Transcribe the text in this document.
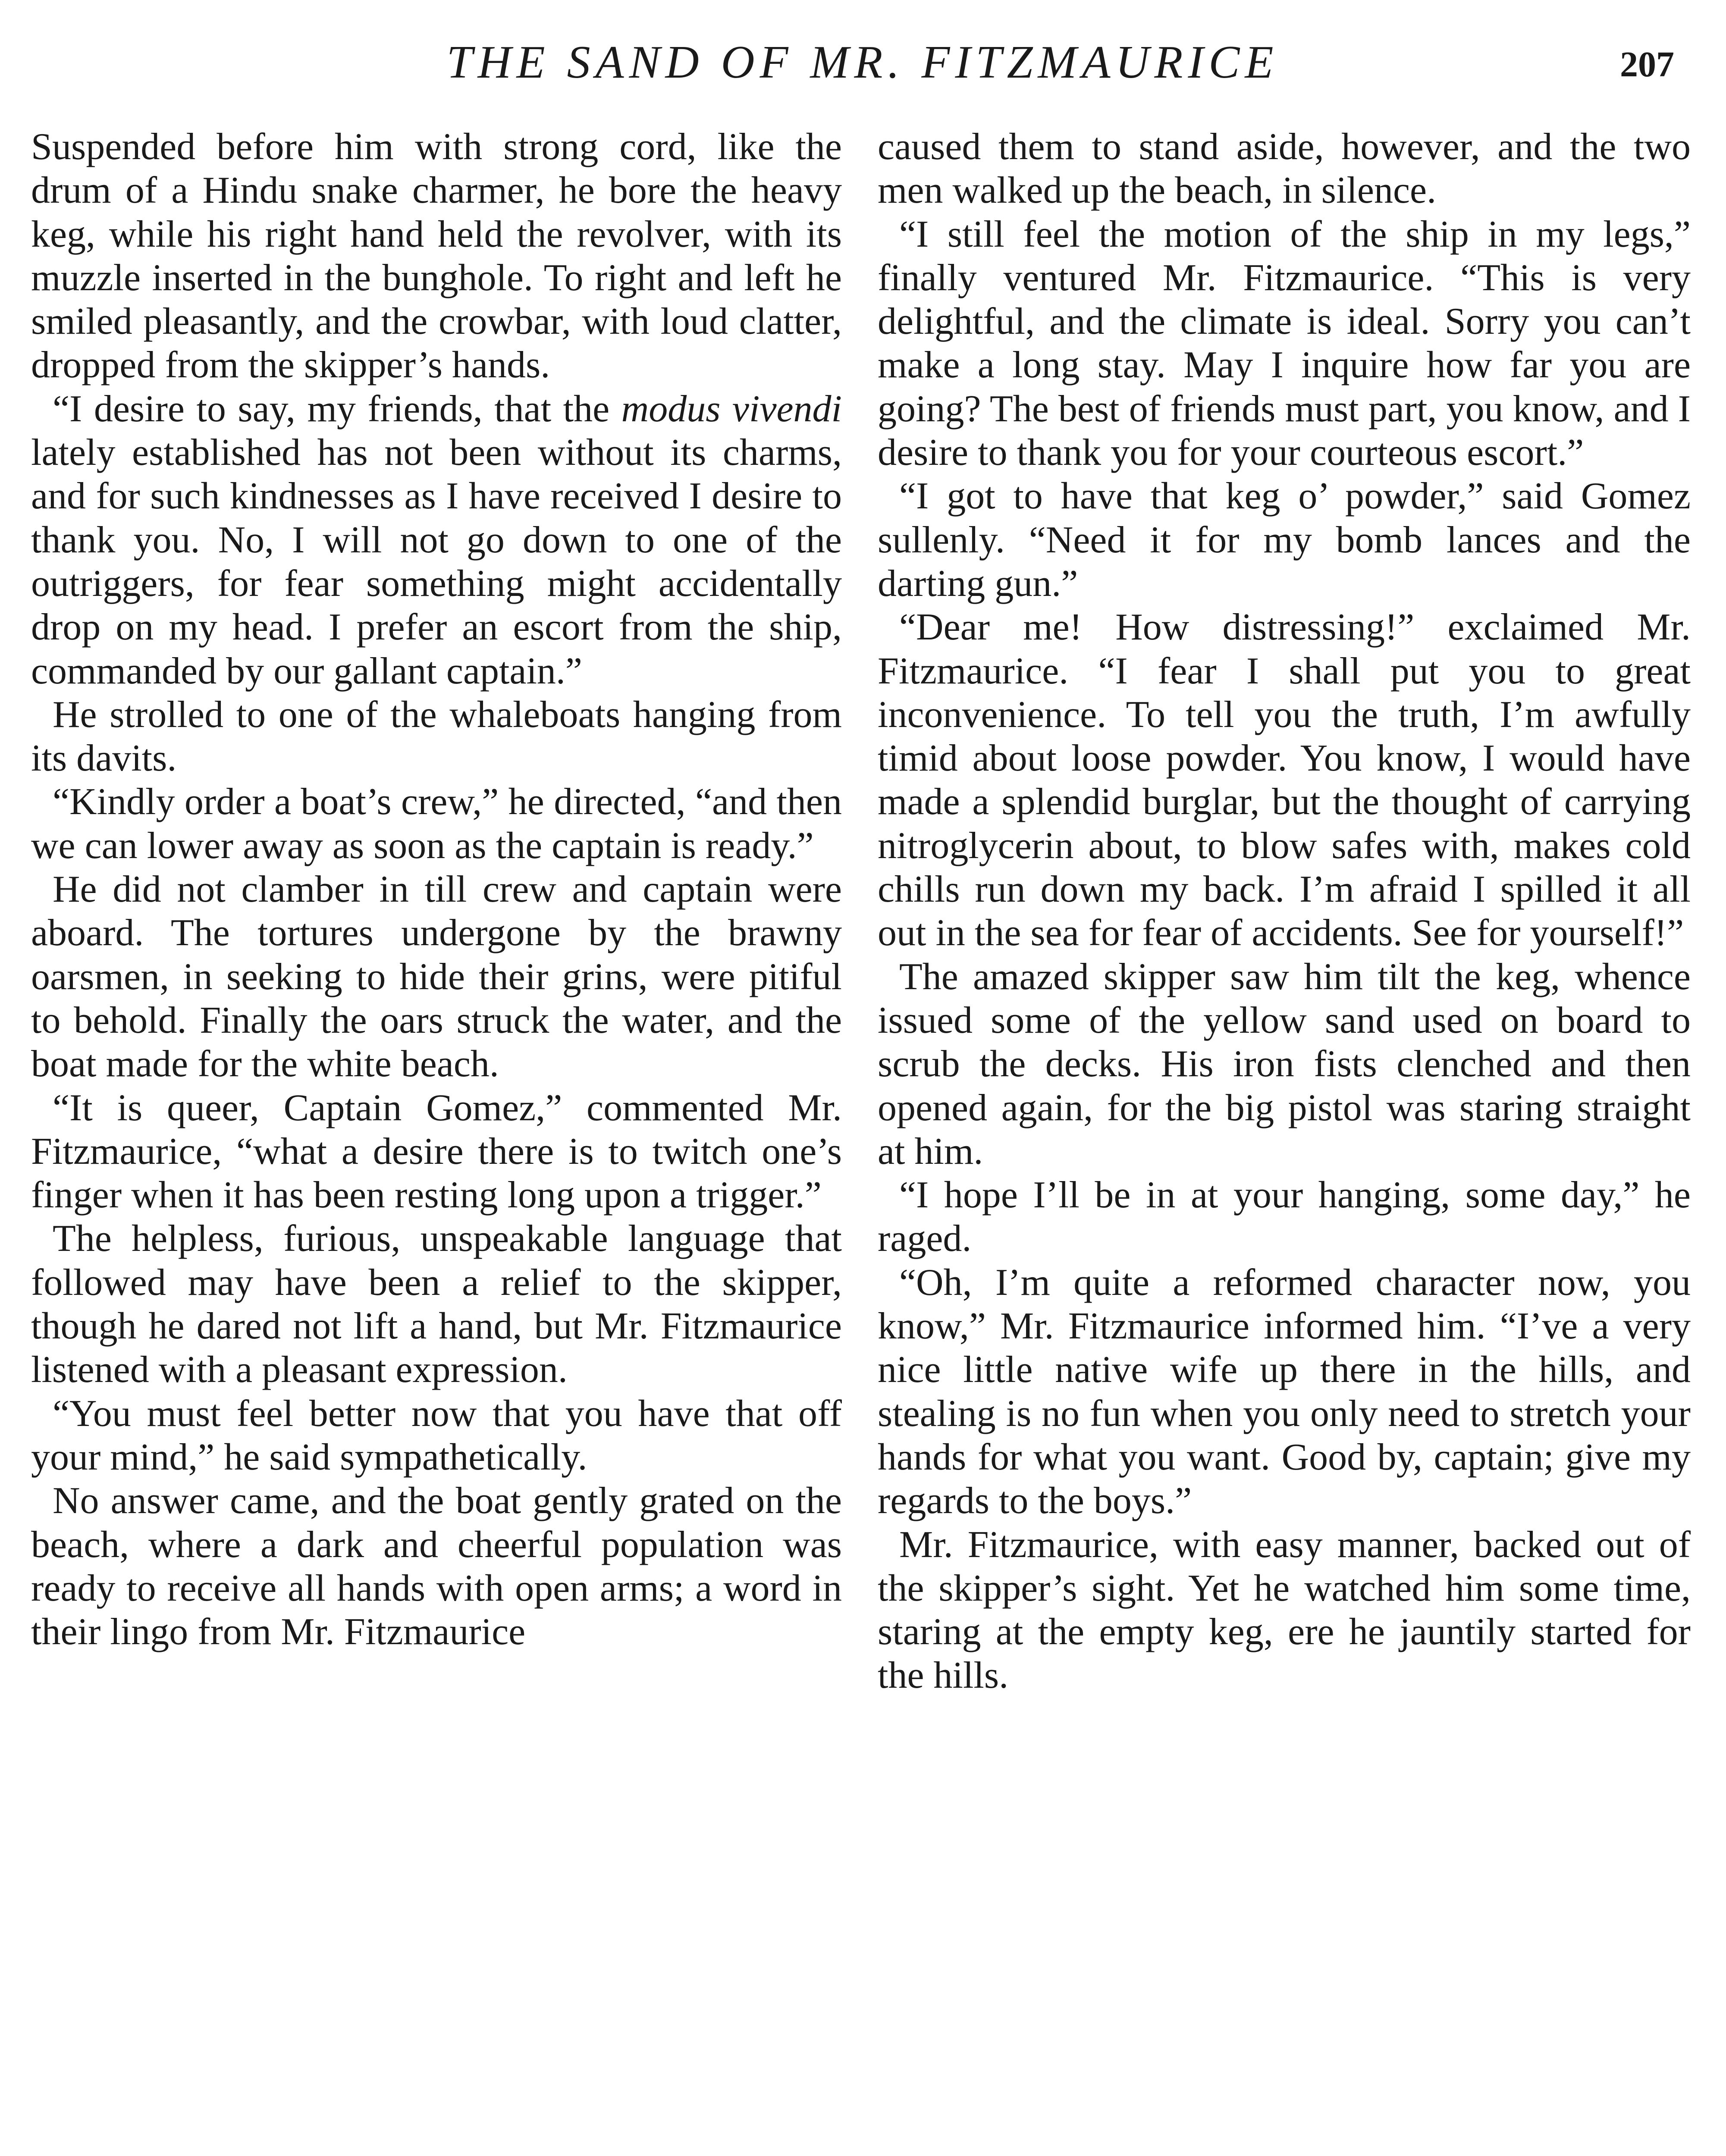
THE SAND OF MR. FITZMAURICE	207

Suspended before him with strong cord, like the drum of a Hindu snake charmer, he bore the heavy keg, while his right hand held the revolver, with its muzzle inserted in the bunghole. To right and left he smiled pleasantly, and the crowbar, with loud clatter, dropped from the skipper’s hands.

“I desire to say, my friends, that the modus vivendi lately established has not been without its charms, and for such kindnesses as I have received I desire to thank you. No, I will not go down to one of the outriggers, for fear something might accidentally drop on my head. I prefer an escort from the ship, commanded by our gallant captain.”

He strolled to one of the whaleboats hanging from its davits.

“Kindly order a boat’s crew,” he directed, “and then we can lower away as soon as the captain is ready.”

He did not clamber in till crew and captain were aboard. The tortures undergone by the brawny oarsmen, in seeking to hide their grins, were pitiful to behold. Finally the oars struck the water, and the boat made for the white beach.

“It is queer, Captain Gomez,” commented Mr. Fitzmaurice, “what a desire there is to twitch one’s finger when it has been resting long upon a trigger.”

The helpless, furious, unspeakable language that followed may have been a relief to the skipper, though he dared not lift a hand, but Mr. Fitzmaurice listened with a pleasant expression.

“You must feel better now that you have that off your mind,” he said sympathetically.

No answer came, and the boat gently grated on the beach, where a dark and cheerful population was ready to receive all hands with open arms; a word in their lingo from Mr. Fitzmaurice

caused them to stand aside, however, and the two men walked up the beach, in silence.

“I still feel the motion of the ship in my legs,” finally ventured Mr. Fitzmaurice. “This is very delightful, and the climate is ideal. Sorry you can’t make a long stay. May I inquire how far you are going? The best of friends must part, you know, and I desire to thank you for your courteous escort.”

“I got to have that keg o’ powder,” said Gomez sullenly. “Need it for my bomb lances and the darting gun.”

“Dear me! How distressing!” exclaimed Mr. Fitzmaurice. “I fear I shall put you to great inconvenience. To tell you the truth, I’m awfully timid about loose powder. You know, I would have made a splendid burglar, but the thought of carrying nitroglycerin about, to blow safes with, makes cold chills run down my back. I’m afraid I spilled it all out in the sea for fear of accidents. See for yourself!”

The amazed skipper saw him tilt the keg, whence issued some of the yellow sand used on board to scrub the decks. His iron fists clenched and then opened again, for the big pistol was staring straight at him.

“I hope I’ll be in at your hanging, some day,” he raged.

“Oh, I’m quite a reformed character now, you know,” Mr. Fitzmaurice informed him. “I’ve a very nice little native wife up there in the hills, and stealing is no fun when you only need to stretch your hands for what you want. Good by, captain; give my regards to the boys.”

Mr. Fitzmaurice, with easy manner, backed out of the skipper’s sight. Yet he watched him some time, staring at the empty keg, ere he jauntily started for the hills.
